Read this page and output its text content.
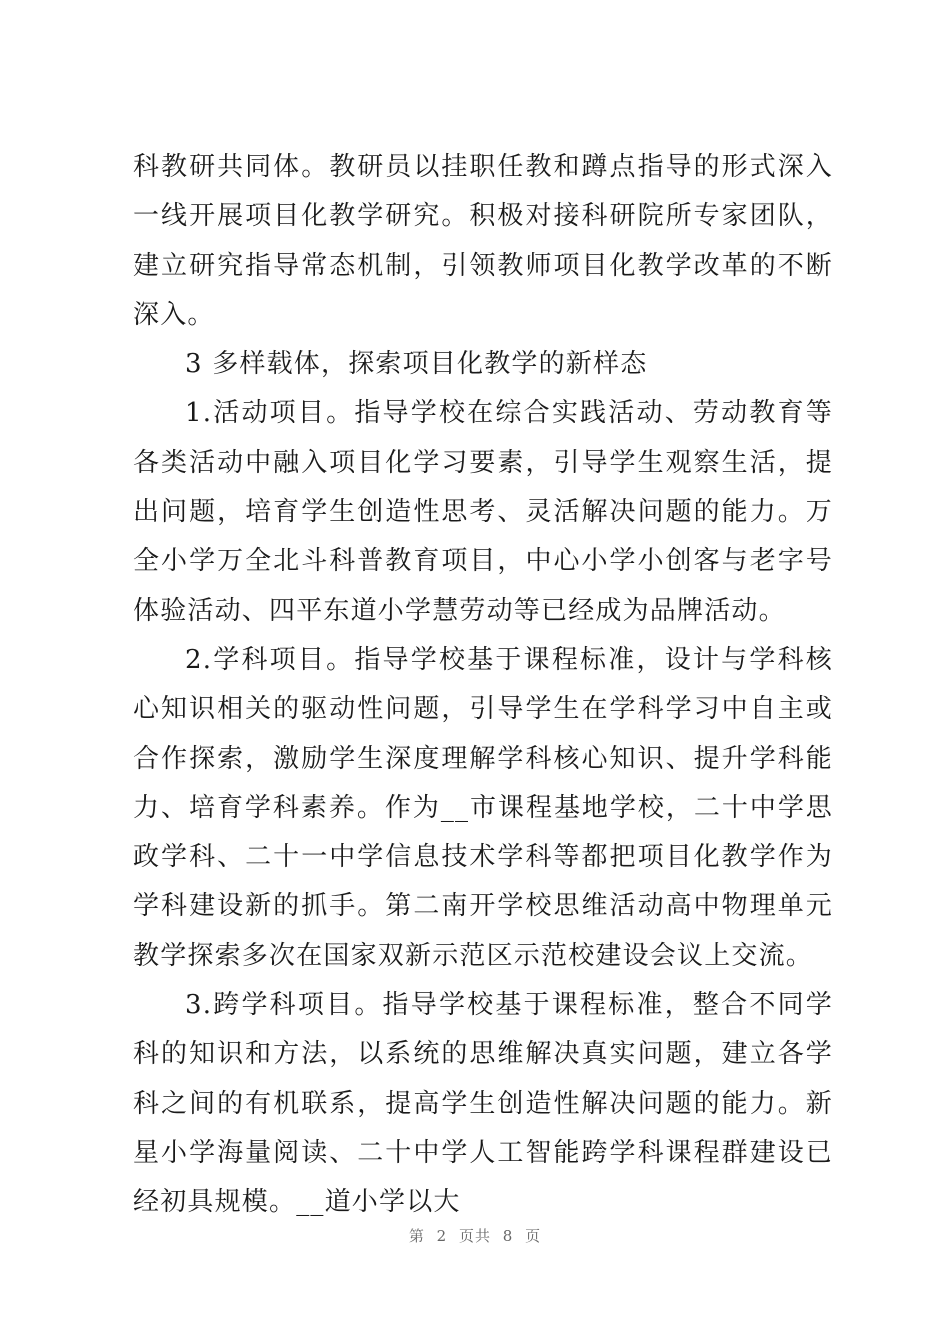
科教研共同体。教研员以挂职任教和蹲点指导的形式深入一线开展项目化教学研究。积极对接科研院所专家团队，建立研究指导常态机制，引领教师项目化教学改革的不断深入。

3 多样载体，探索项目化教学的新样态

1.活动项目。指导学校在综合实践活动、劳动教育等各类活动中融入项目化学习要素，引导学生观察生活，提出问题，培育学生创造性思考、灵活解决问题的能力。万全小学万全北斗科普教育项目，中心小学小创客与老字号体验活动、四平东道小学慧劳动等已经成为品牌活动。

2.学科项目。指导学校基于课程标准，设计与学科核心知识相关的驱动性问题，引导学生在学科学习中自主或合作探索，激励学生深度理解学科核心知识、提升学科能力、培育学科素养。作为__市课程基地学校，二十中学思政学科、二十一中学信息技术学科等都把项目化教学作为学科建设新的抓手。第二南开学校思维活动高中物理单元教学探索多次在国家双新示范区示范校建设会议上交流。

3.跨学科项目。指导学校基于课程标准，整合不同学科的知识和方法，以系统的思维解决真实问题，建立各学科之间的有机联系，提高学生创造性解决问题的能力。新星小学海量阅读、二十中学人工智能跨学科课程群建设已经初具规模。__道小学以大

第 2 页共 8 页
